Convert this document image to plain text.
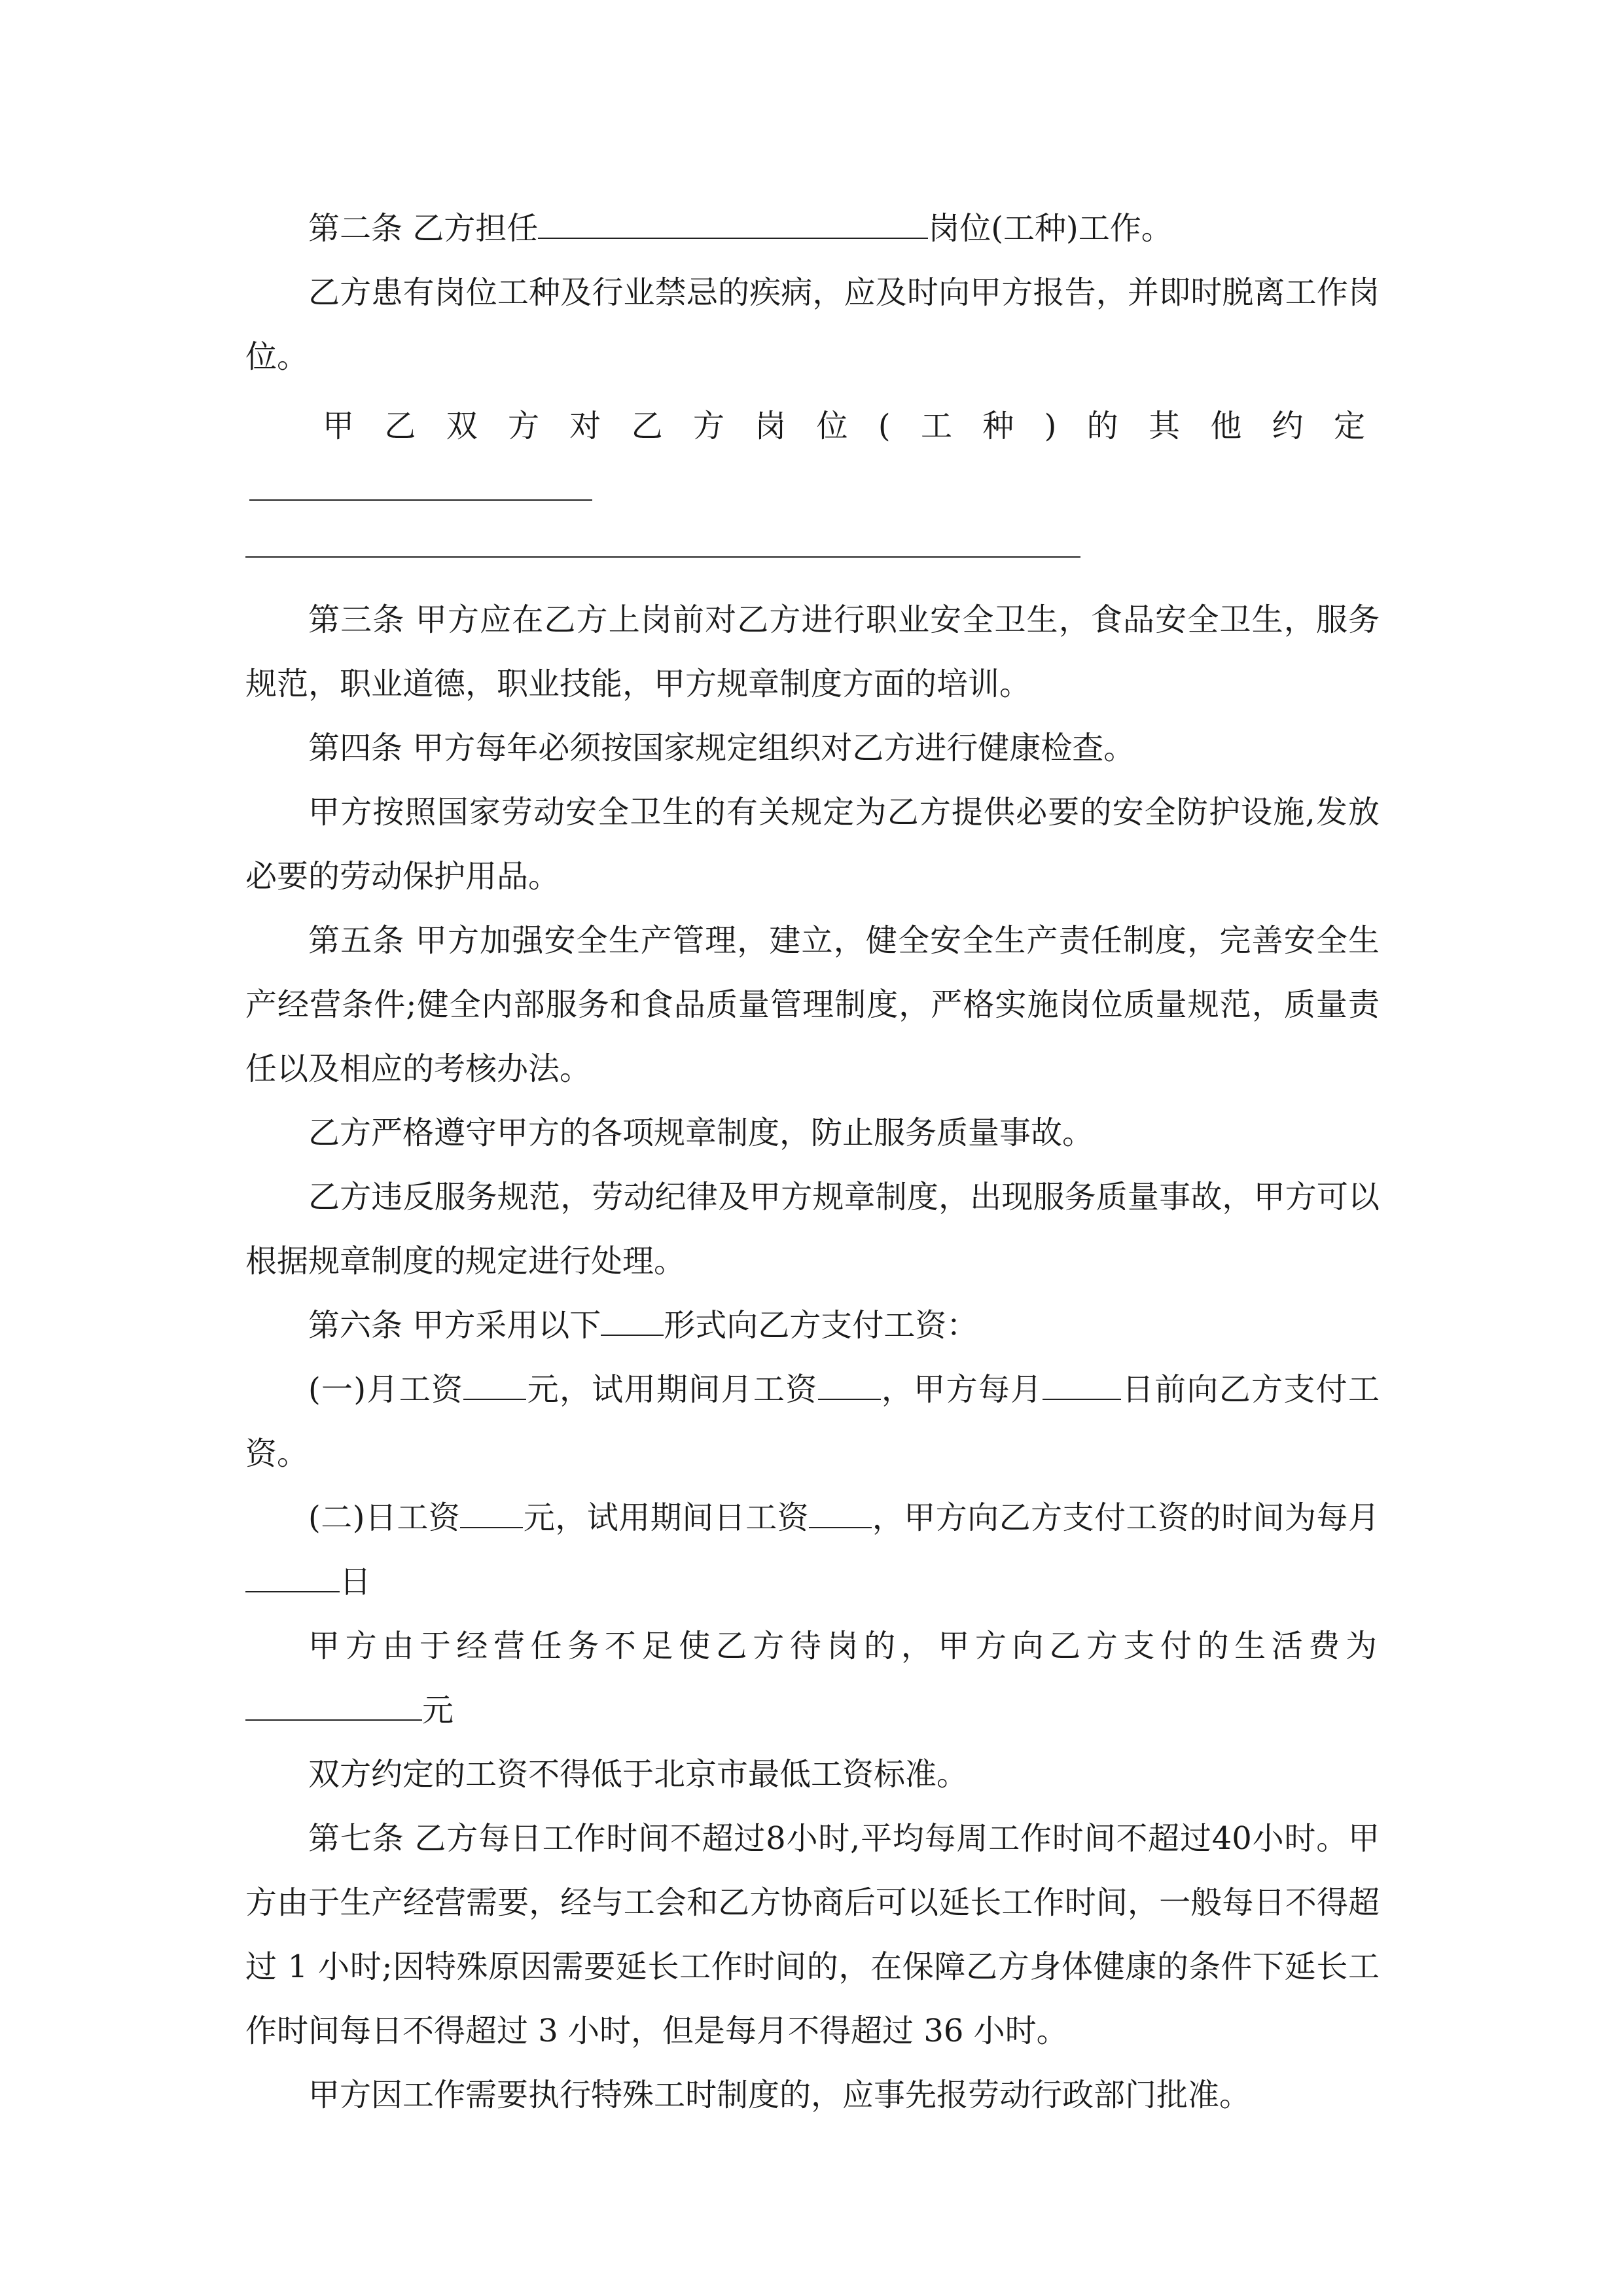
第二条 乙方担任	岗位(工种)工作。

乙方患有岗位工种及行业禁忌的疾病，应及时向甲方报告，并即时脱离工作岗位。

甲乙双方对乙方岗位(工种)的其他约定

第三条 甲方应在乙方上岗前对乙方进行职业安全卫生，食品安全卫生，服务规范，职业道德，职业技能，甲方规章制度方面的培训。

第四条 甲方每年必须按国家规定组织对乙方进行健康检查。

甲方按照国家劳动安全卫生的有关规定为乙方提供必要的安全防护设施,发放必要的劳动保护用品。

第五条 甲方加强安全生产管理，建立，健全安全生产责任制度，完善安全生产经营条件;健全内部服务和食品质量管理制度，严格实施岗位质量规范，质量责任以及相应的考核办法。

乙方严格遵守甲方的各项规章制度，防止服务质量事故。

乙方违反服务规范，劳动纪律及甲方规章制度，出现服务质量事故，甲方可以根据规章制度的规定进行处理。

第六条 甲方采用以下 形式向乙方支付工资：

(一)月工资 元，试用期间月工资 ，甲方每月	日前向乙方支付工资。

(二)日工资 元，试用期间日工资 ，甲方向乙方支付工资的时间为每月日

甲方由于经营任务不足使乙方待岗的，甲方向乙方支付的生活费为元

双方约定的工资不得低于北京市最低工资标准。

第七条 乙方每日工作时间不超过8小时,平均每周工作时间不超过40小时。甲方由于生产经营需要，经与工会和乙方协商后可以延长工作时间，一般每日不得超过 1 小时;因特殊原因需要延长工作时间的，在保障乙方身体健康的条件下延长工作时间每日不得超过 3 小时，但是每月不得超过 36 小时。

甲方因工作需要执行特殊工时制度的，应事先报劳动行政部门批准。
